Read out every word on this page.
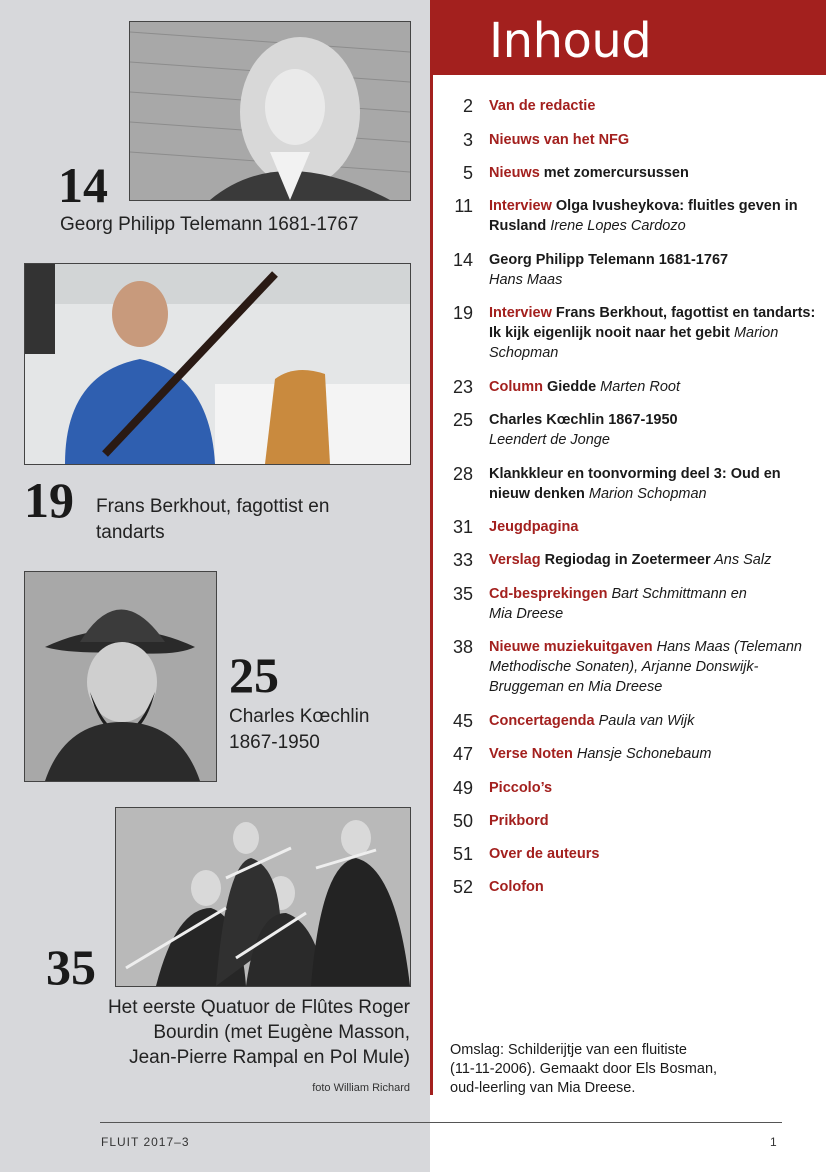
Inhoud
14
Georg Philipp Telemann 1681-1767
19 Frans Berkhout, fagottist en tandarts
25
Charles Kœchlin
1867-1950
35
Het eerste Quatuor de Flûtes Roger
Bourdin (met Eugène Masson,
Jean-Pierre Rampal en Pol Mule)
foto William Richard
2 Van de redactie
3 Nieuws van het NFG
5 Nieuws met zomercursussen
11 Interview Olga Ivusheykova: fluitles geven in Rusland Irene Lopes Cardozo
14 Georg Philipp Telemann 1681-1767
Hans Maas
19 Interview Frans Berkhout, fagottist en tandarts: Ik kijk eigenlijk nooit naar het gebit Marion Schopman
23 Column Giedde Marten Root
25 Charles Kœchlin 1867-1950
Leendert de Jonge
28 Klankkleur en toonvorming deel 3: Oud en nieuw denken Marion Schopman
31 Jeugdpagina
33 Verslag Regiodag in Zoetermeer Ans Salz
35 Cd-besprekingen Bart Schmittmann en Mia Dreese
38 Nieuwe muziekuitgaven Hans Maas (Telemann Methodische Sonaten), Arjanne Donswijk-Bruggeman en Mia Dreese
45 Concertagenda Paula van Wijk
47 Verse Noten Hansje Schonebaum
49 Piccolo’s
50 Prikbord
51 Over de auteurs
52 Colofon
Omslag: Schilderijtje van een fluitiste
(11-11-2006). Gemaakt door Els Bosman,
oud-leerling van Mia Dreese.
FLUIT 2017–3	1
